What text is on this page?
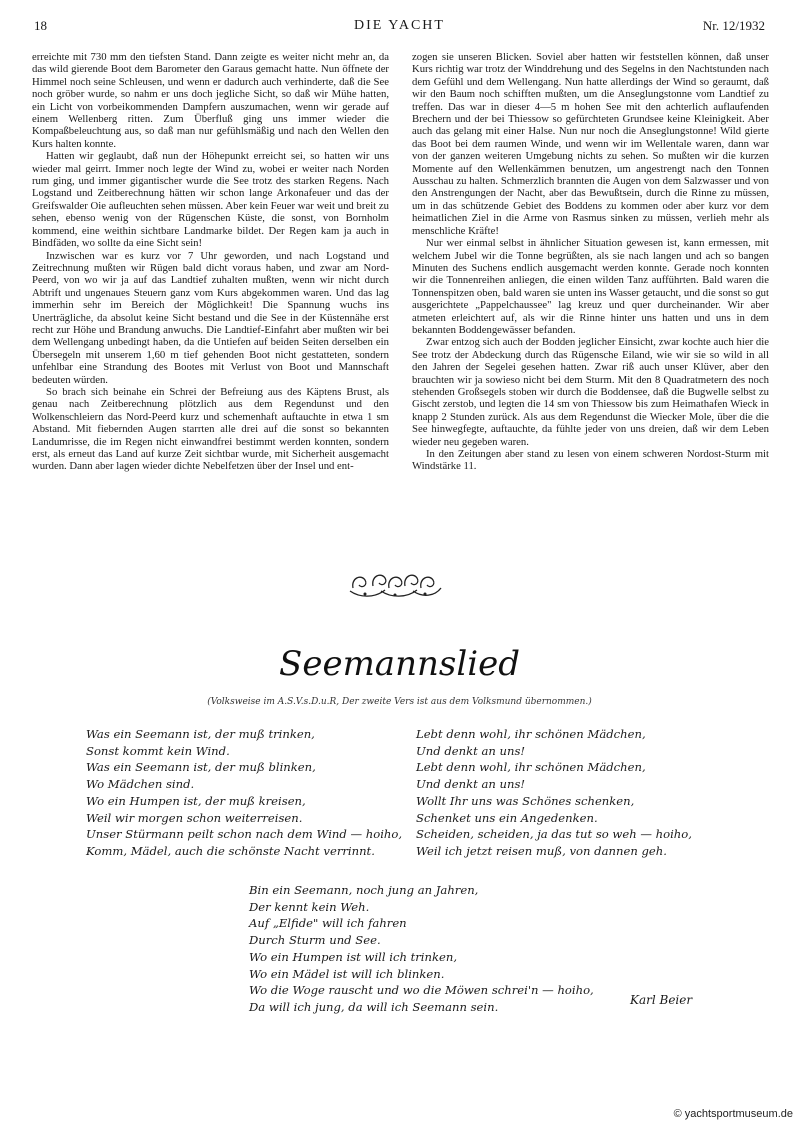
18	DIE YACHT	Nr. 12/1932

erreichte mit 730 mm den tiefsten Stand. Dann zeigte es weiter nicht mehr an, da das wild gierende Boot dem Barometer den Garaus gemacht hatte. Nun öffnete der Himmel noch seine Schleusen, und wenn er dadurch auch verhinderte, daß die See noch gröber wurde, so nahm er uns doch jegliche Sicht, so daß wir Mühe hatten, ein Licht von vorbeikommenden Dampfern auszumachen, wenn wir gerade auf einem Wellenberg ritten. Zum Überfluß ging uns immer wieder die Kompaßbeleuchtung aus, so daß man nur gefühlsmäßig und nach den Wellen den Kurs halten konnte.

Hatten wir geglaubt, daß nun der Höhepunkt erreicht sei, so hatten wir uns wieder mal geirrt. Immer noch legte der Wind zu, wobei er weiter nach Norden rum ging, und immer gigantischer wurde die See trotz des starken Regens. Nach Logstand und Zeitberechnung hätten wir schon lange Arkonafeuer und das der Greifswalder Oie aufleuchten sehen müssen. Aber kein Feuer war weit und breit zu sehen, ebenso wenig von der Rügenschen Küste, die sonst, von Bornholm kommend, eine weithin sichtbare Landmarke bildet. Der Regen kam ja auch in Bindfäden, wo sollte da eine Sicht sein!

Inzwischen war es kurz vor 7 Uhr geworden, und nach Logstand und Zeitrechnung mußten wir Rügen bald dicht voraus haben, und zwar am Nord-Peerd, von wo wir ja auf das Landtief zuhalten mußten, wenn wir nicht durch Abtrift und ungenaues Steuern ganz vom Kurs abgekommen waren. Und das lag immerhin sehr im Bereich der Möglichkeit! Die Spannung wuchs ins Unerträgliche, da absolut keine Sicht bestand und die See in der Küstennähe erst recht zur Höhe und Brandung anwuchs. Die Landtief-Einfahrt aber mußten wir bei dem Wellengang unbedingt haben, da die Untiefen auf beiden Seiten derselben ein Übersegeln mit unserem 1,60 m tief gehenden Boot nicht gestatteten, sondern unfehlbar eine Strandung des Bootes mit Verlust von Boot und Mannschaft bedeuten würden.

So brach sich beinahe ein Schrei der Befreiung aus des Käptens Brust, als genau nach Zeitberechnung plötzlich aus dem Regendunst und den Wolkenschleiern das Nord-Peerd kurz und schemenhaft auftauchte in etwa 1 sm Abstand. Mit fiebernden Augen starrten alle drei auf die sonst so bekannten Landumrisse, die im Regen nicht einwandfrei bestimmt werden konnten, sondern erst, als erneut das Land auf kurze Zeit sichtbar wurde, mit Sicherheit ausgemacht wurden. Dann aber lagen wieder dichte Nebelfetzen über der Insel und ent-

zogen sie unseren Blicken. Soviel aber hatten wir feststellen können, daß unser Kurs richtig war trotz der Winddrehung und des Segelns in den Nachtstunden nach dem Gefühl und dem Wellengang. Nun hatte allerdings der Wind so geraumt, daß wir den Baum noch schifften mußten, um die Anseglungstonne vom Landtief zu treffen. Das war in dieser 4—5 m hohen See mit den achterlich auflaufenden Brechern und der bei Thiessow so gefürchteten Grundsee keine Kleinigkeit. Aber auch das gelang mit einer Halse. Nun nur noch die Anseglungstonne! Wild gierte das Boot bei dem raumen Winde, und wenn wir im Wellentale waren, dann war von der ganzen weiteren Umgebung nichts zu sehen. So mußten wir die kurzen Momente auf den Wellenkämmen benutzen, um angestrengt nach den Tonnen Ausschau zu halten. Schmerzlich brannten die Augen von dem Salzwasser und von den Anstrengungen der Nacht, aber das Bewußtsein, durch die Rinne zu müssen, um in das schützende Gebiet des Boddens zu kommen oder aber kurz vor dem heimatlichen Ziel in die Arme von Rasmus sinken zu müssen, verlieh mehr als menschliche Kräfte!

Nur wer einmal selbst in ähnlicher Situation gewesen ist, kann ermessen, mit welchem Jubel wir die Tonne begrüßten, als sie nach langen und ach so bangen Minuten des Suchens endlich ausgemacht werden konnte. Gerade noch konnten wir die Tonnenreihen anliegen, die einen wilden Tanz aufführten. Bald waren die Tonnenspitzen oben, bald waren sie unten ins Wasser getaucht, und die sonst so gut ausgerichtete „Pappelchaussee" lag kreuz und quer durcheinander. Wir aber atmeten erleichtert auf, als wir die Rinne hinter uns hatten und uns in dem bekannten Boddengewässer befanden.

Zwar entzog sich auch der Bodden jeglicher Einsicht, zwar kochte auch hier die See trotz der Abdeckung durch das Rügensche Eiland, wie wir sie so wild in all den Jahren der Segelei gesehen hatten. Zwar riß auch unser Klüver, aber den brauchten wir ja sowieso nicht bei dem Sturm. Mit den 8 Quadratmetern des noch stehenden Großsegels stoben wir durch die Boddensee, daß die Bugwelle selbst zu Gischt zerstob, und legten die 14 sm von Thiessow bis zum Heimathafen Wieck in knapp 2 Stunden zurück. Als aus dem Regendunst die Wiecker Mole, über die die See hinwegfegte, auftauchte, da fühlte jeder von uns dreien, daß wir dem Leben wieder neu gegeben waren.

In den Zeitungen aber stand zu lesen von einem schweren Nordost-Sturm mit Windstärke 11.

Seemannslied
(Volksweise im A.S.V.s.D.u.R, Der zweite Vers ist aus dem Volksmund übernommen.)
Was ein Seemann ist, der muß trinken,
Sonst kommt kein Wind.
Was ein Seemann ist, der muß blinken,
Wo Mädchen sind.
Wo ein Humpen ist, der muß kreisen,
Weil wir morgen schon weiterreisen.
Unser Stürmann peilt schon nach dem Wind — hoiho,
Komm, Mädel, auch die schönste Nacht verrinnt.
Lebt denn wohl, ihr schönen Mädchen,
Und denkt an uns!
Lebt denn wohl, ihr schönen Mädchen,
Und denkt an uns!
Wollt Ihr uns was Schönes schenken,
Schenket uns ein Angedenken.
Scheiden, scheiden, ja das tut so weh — hoiho,
Weil ich jetzt reisen muß, von dannen geh.
Bin ein Seemann, noch jung an Jahren,
Der kennt kein Weh.
Auf „Elfide" will ich fahren
Durch Sturm und See.
Wo ein Humpen ist will ich trinken,
Wo ein Mädel ist will ich blinken.
Wo die Woge rauscht und wo die Möwen schrei'n — hoiho,
Da will ich jung, da will ich Seemann sein.	Karl Beier
© yachtsportmuseum.de
